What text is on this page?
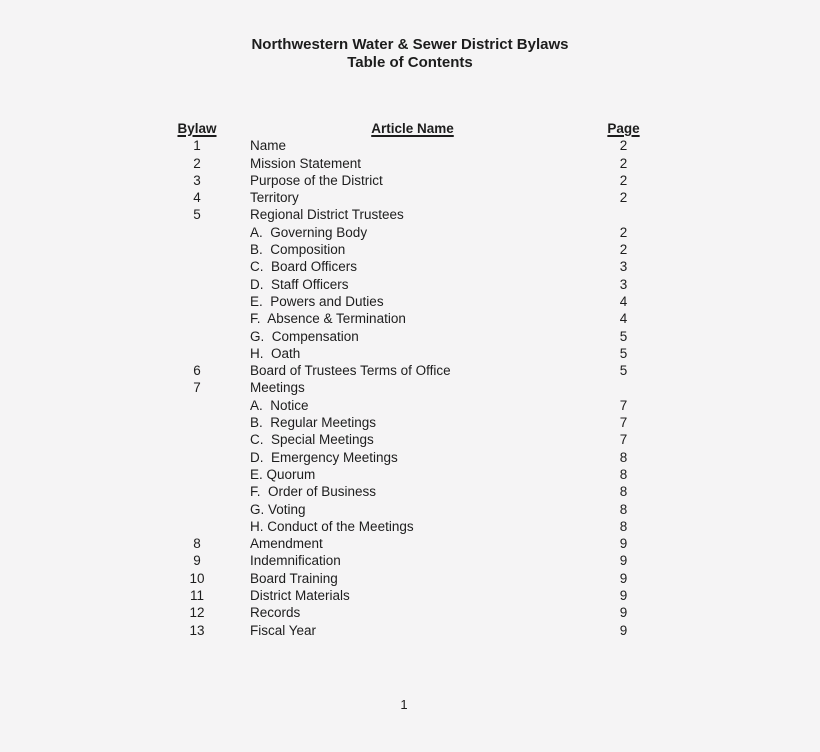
Northwestern Water & Sewer District Bylaws
Table of Contents
Bylaw	Article Name	Page
1	Name	2
2	Mission Statement	2
3	Purpose of the District	2
4	Territory	2
5	Regional District Trustees
A.  Governing Body	2
B.  Composition	2
C.  Board Officers	3
D.  Staff Officers	3
E.  Powers and Duties	4
F.  Absence & Termination	4
G.  Compensation	5
H.  Oath	5
6	Board of Trustees Terms of Office	5
7	Meetings
A.  Notice	7
B.  Regular Meetings	7
C.  Special Meetings	7
D.  Emergency Meetings	8
E. Quorum	8
F.  Order of Business	8
G. Voting	8
H. Conduct of the Meetings	8
8	Amendment	9
9	Indemnification	9
10	Board Training	9
11	District Materials	9
12	Records	9
13	Fiscal Year	9
1
